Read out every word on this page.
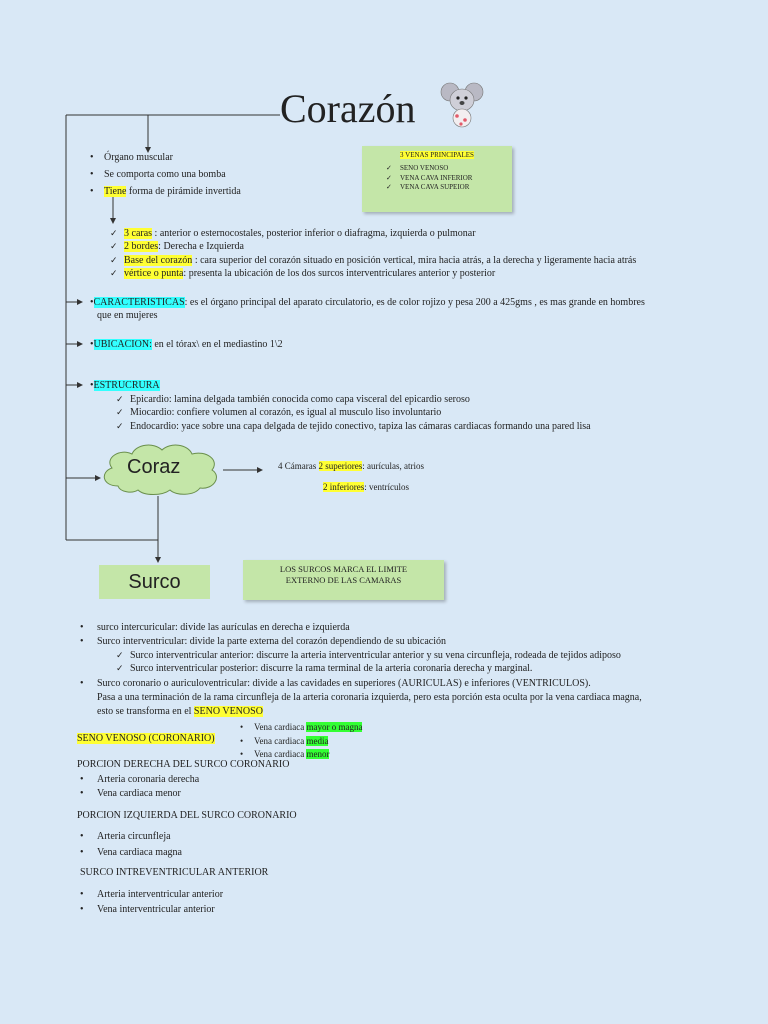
Corazón
• Órgano muscular
• Se comporta como una bomba
• Tiene forma de pirámide invertida
3 VENAS PRINCIPALES
✓ SENO VENOSO
✓ VENA CAVA INFERIOR
✓ VENA CAVA SUPEIOR
✓ 3 caras : anterior o esternocostales, posterior inferior o diafragma, izquierda o pulmonar
✓ 2 bordes: Derecha e Izquierda
✓ Base del corazón : cara superior del corazón situado en posición vertical, mira hacia atrás, a la derecha y ligeramente hacia atrás
✓ vértice o punta: presenta la ubicación de los dos surcos interventriculares anterior y posterior
•CARACTERISTICAS: es el órgano principal del aparato circulatorio, es de color rojizo y pesa 200 a 425gms , es mas grande en hombres
que en mujeres
•UBICACION: en el tórax\ en el mediastino 1\2
•ESTRUCRURA
✓ Epicardio: lamina delgada también conocida como capa visceral del epicardio seroso
✓ Miocardio: confiere volumen al corazón, es igual al musculo liso involuntario
✓ Endocardio: yace sobre una capa delgada de tejido conectivo, tapiza las cámaras cardiacas formando una pared lisa
Coraz	4 Cámaras 2 superiores: aurículas, atrios
2 inferiores: ventrículos
Surco
LOS SURCOS MARCA EL LIMITE
EXTERNO DE LAS CAMARAS
• surco intercuricular: divide las aurículas en derecha e izquierda
• Surco interventricular: divide la parte externa del corazón dependiendo de su ubicación
✓ Surco interventricular anterior: discurre la arteria interventricular anterior y su vena circunfleja, rodeada de tejidos adiposo
✓ Surco interventricular posterior: discurre la rama terminal de la arteria coronaria derecha y marginal.
• Surco coronario o auriculoventricular: divide a las cavidades en superiores (AURICULAS) e inferiores (VENTRICULOS).
Pasa a una terminación de la rama circunfleja de la arteria coronaria izquierda, pero esta porción esta oculta por la vena cardiaca magna,
esto se transforma en el SENO VENOSO
SENO VENOSO (CORONARIO)
• Vena cardiaca mayor o magna
• Vena cardiaca media
• Vena cardiaca menor
PORCION DERECHA DEL SURCO CORONARIO
• Arteria coronaria derecha
• Vena cardiaca menor
PORCION IZQUIERDA DEL SURCO CORONARIO
• Arteria circunfleja
• Vena cardiaca magna
SURCO INTREVENTRICULAR ANTERIOR
• Arteria interventricular anterior
• Vena interventricular anterior
